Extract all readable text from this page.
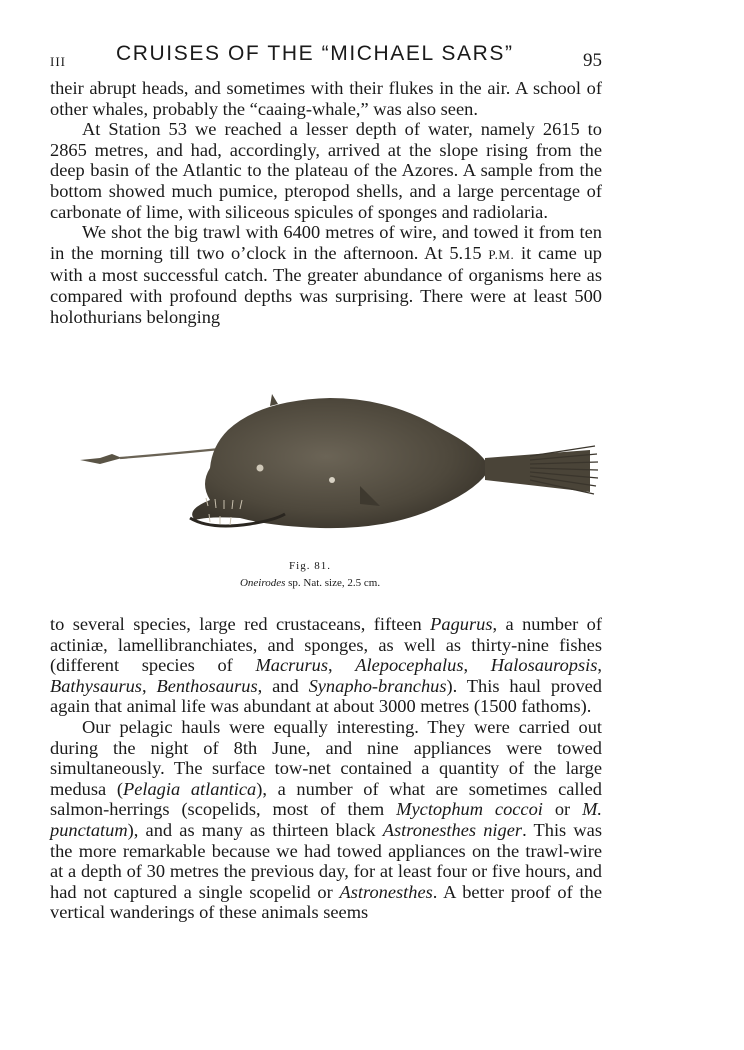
III CRUISES OF THE “MICHAEL SARS”	95

their abrupt heads, and sometimes with their flukes in the air. A school of other whales, probably the “caaing-whale,” was also seen.

At Station 53 we reached a lesser depth of water, namely 2615 to 2865 metres, and had, accordingly, arrived at the slope rising from the deep basin of the Atlantic to the plateau of the Azores. A sample from the bottom showed much pumice, pteropod shells, and a large percentage of carbonate of lime, with siliceous spicules of sponges and radiolaria.

We shot the big trawl with 6400 metres of wire, and towed it from ten in the morning till two o’clock in the afternoon. At 5.15 P.M. it came up with a most successful catch. The greater abundance of organisms here as compared with profound depths was surprising. There were at least 500 holothurians belonging

Fig. 81.
Oneirodes sp. Nat. size, 2.5 cm.

to several species, large red crustaceans, fifteen Pagurus, a number of actiniæ, lamellibranchiates, and sponges, as well as thirty-nine fishes (different species of Macrurus, Alepocephalus, Halosauropsis, Bathysaurus, Benthosaurus, and Synapho-branchus). This haul proved again that animal life was abundant at about 3000 metres (1500 fathoms).

Our pelagic hauls were equally interesting. They were carried out during the night of 8th June, and nine appliances were towed simultaneously. The surface tow-net contained a quantity of the large medusa (Pelagia atlantica), a number of what are sometimes called salmon-herrings (scopelids, most of them Myctophum coccoi or M. punctatum), and as many as thirteen black Astronesthes niger. This was the more remarkable because we had towed appliances on the trawl-wire at a depth of 30 metres the previous day, for at least four or five hours, and had not captured a single scopelid or Astronesthes. A better proof of the vertical wanderings of these animals seems
